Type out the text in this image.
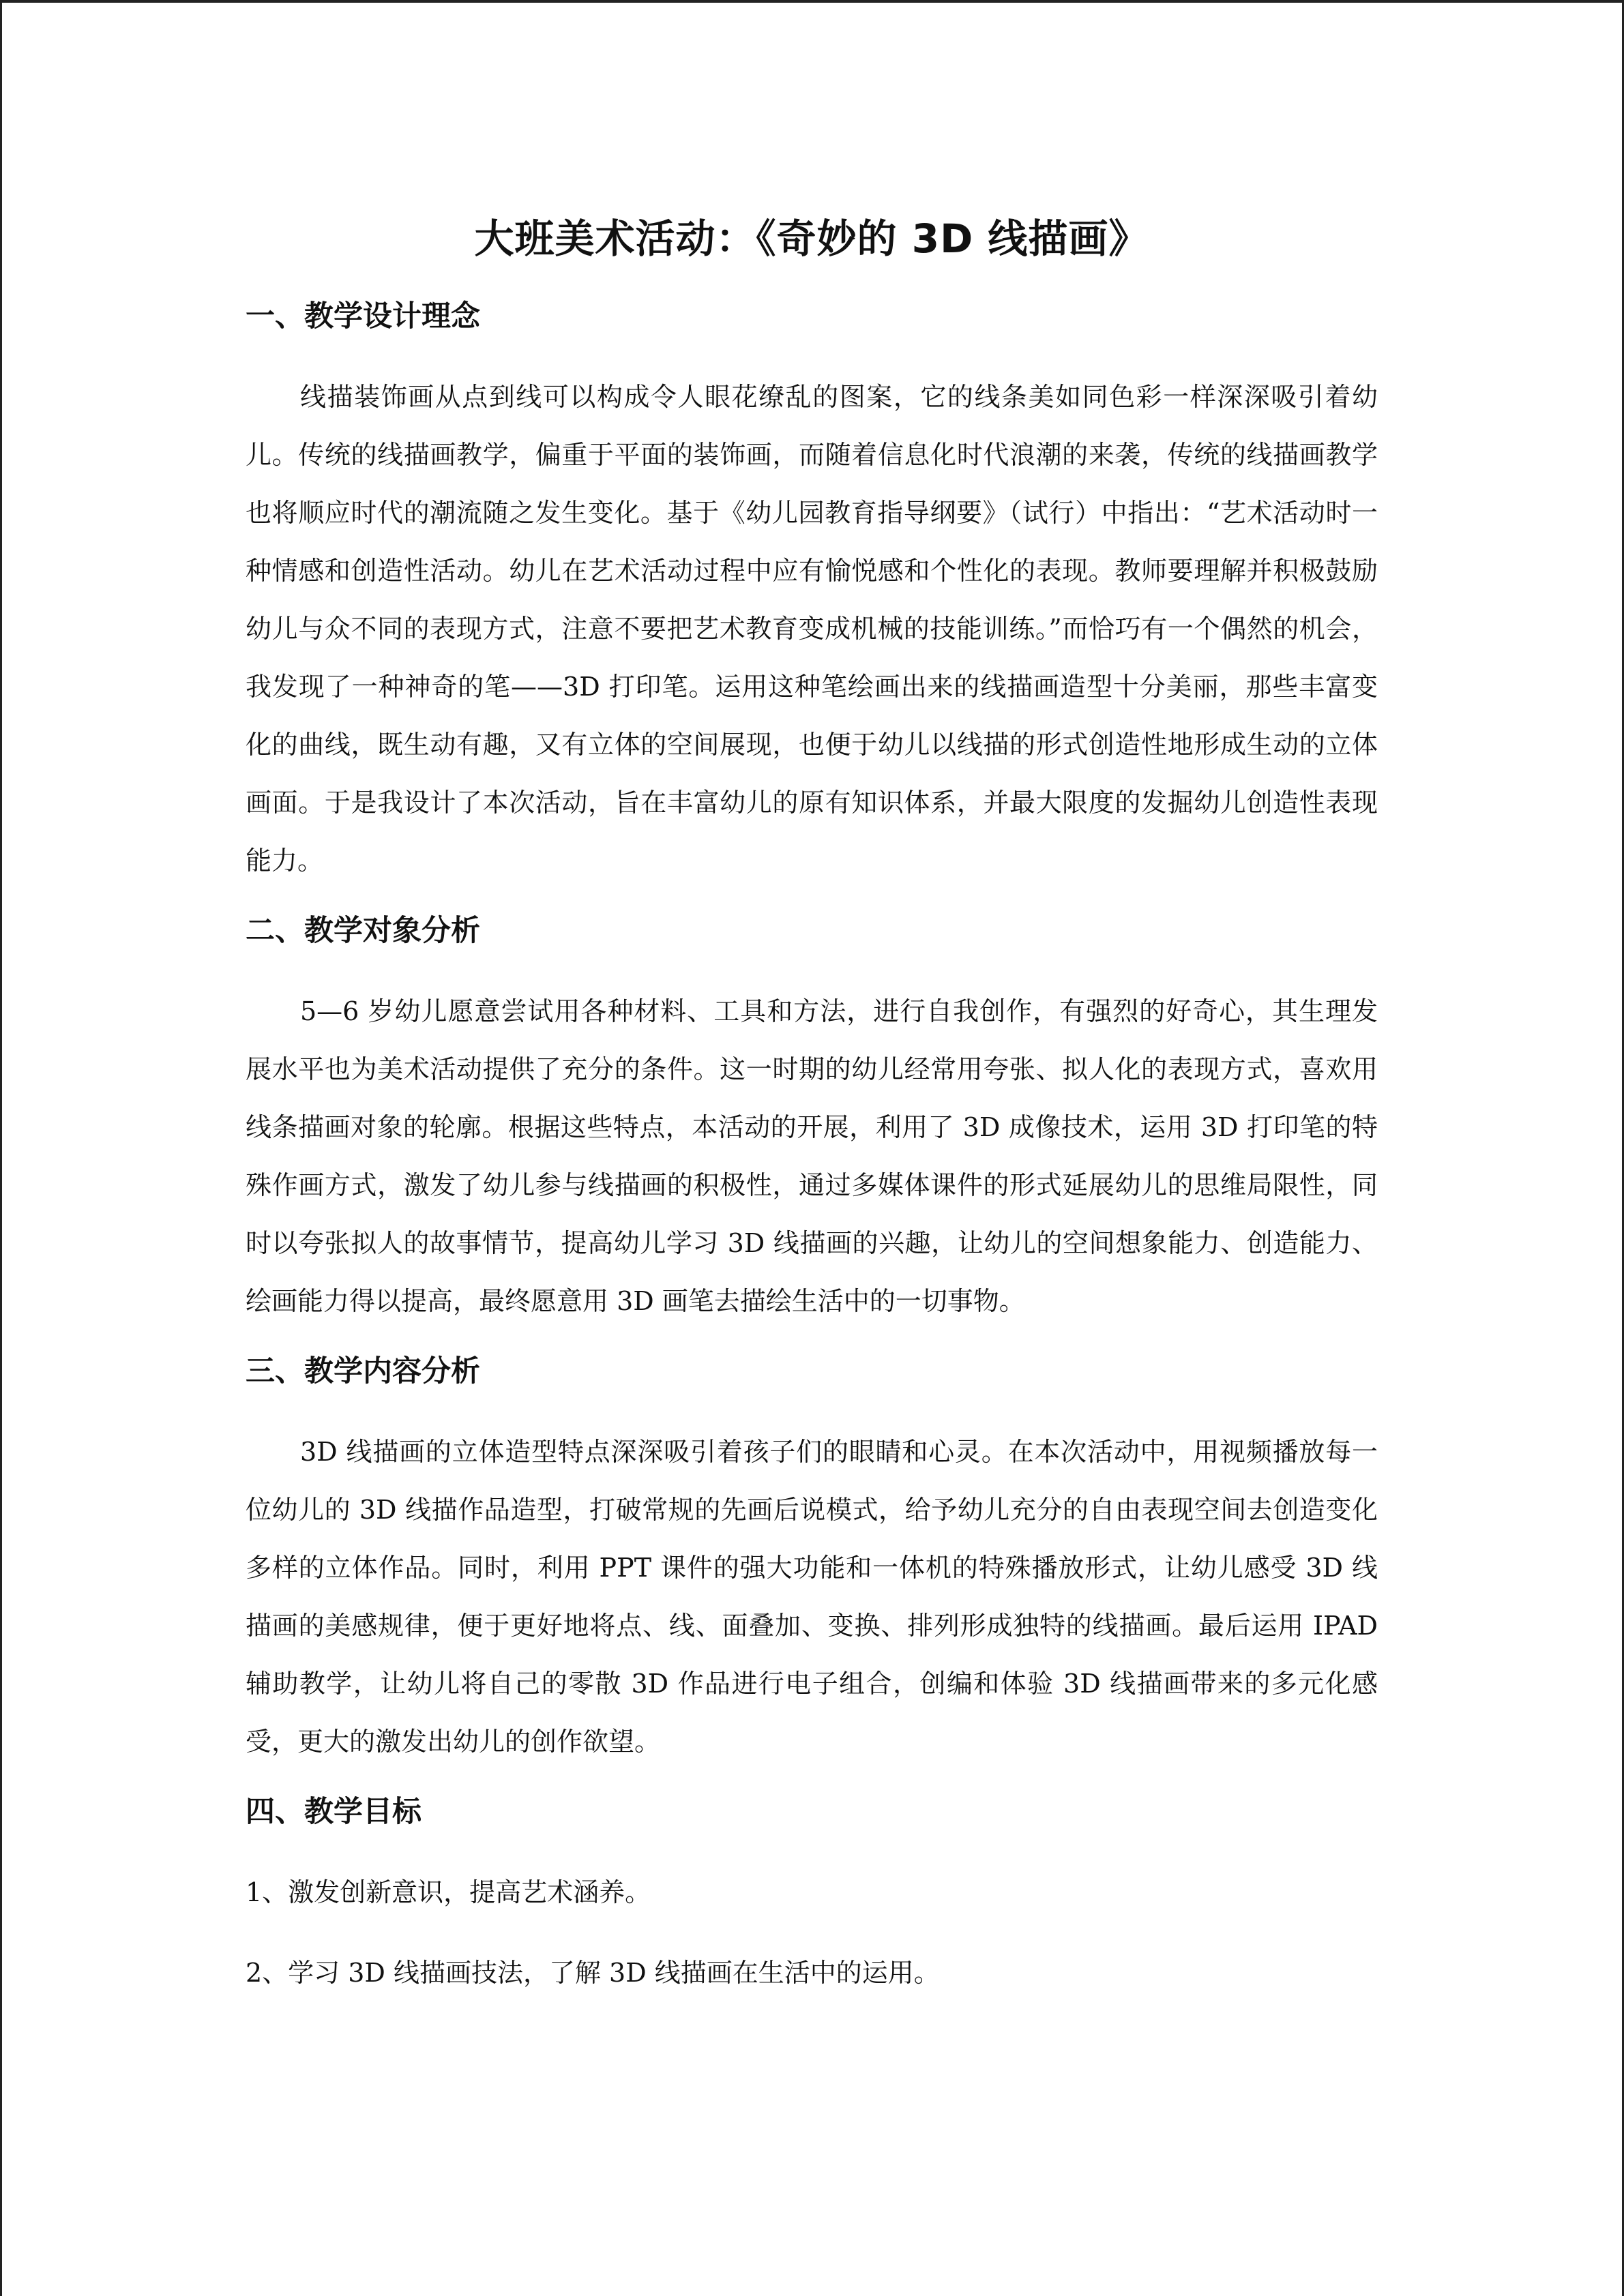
大班美术活动：《奇妙的 3D 线描画》
一、教学设计理念

线描装饰画从点到线可以构成令人眼花缭乱的图案，它的线条美如同色彩一样深深吸引着幼儿。传统的线描画教学，偏重于平面的装饰画，而随着信息化时代浪潮的来袭，传统的线描画教学也将顺应时代的潮流随之发生变化。基于《幼儿园教育指导纲要》（试行）中指出：“艺术活动时一种情感和创造性活动。幼儿在艺术活动过程中应有愉悦感和个性化的表现。教师要理解并积极鼓励幼儿与众不同的表现方式，注意不要把艺术教育变成机械的技能训练。”而恰巧有一个偶然的机会，我发现了一种神奇的笔——3D 打印笔。运用这种笔绘画出来的线描画造型十分美丽，那些丰富变化的曲线，既生动有趣，又有立体的空间展现，也便于幼儿以线描的形式创造性地形成生动的立体画面。于是我设计了本次活动，旨在丰富幼儿的原有知识体系，并最大限度的发掘幼儿创造性表现能力。

二、教学对象分析

5—6 岁幼儿愿意尝试用各种材料、工具和方法，进行自我创作，有强烈的好奇心，其生理发展水平也为美术活动提供了充分的条件。这一时期的幼儿经常用夸张、拟人化的表现方式，喜欢用线条描画对象的轮廓。根据这些特点，本活动的开展，利用了 3D 成像技术，运用 3D 打印笔的特殊作画方式，激发了幼儿参与线描画的积极性，通过多媒体课件的形式延展幼儿的思维局限性，同时以夸张拟人的故事情节，提高幼儿学习 3D 线描画的兴趣，让幼儿的空间想象能力、创造能力、绘画能力得以提高，最终愿意用 3D 画笔去描绘生活中的一切事物。

三、教学内容分析

3D 线描画的立体造型特点深深吸引着孩子们的眼睛和心灵。在本次活动中，用视频播放每一位幼儿的 3D 线描作品造型，打破常规的先画后说模式，给予幼儿充分的自由表现空间去创造变化多样的立体作品。同时，利用 PPT 课件的强大功能和一体机的特殊播放形式，让幼儿感受 3D 线描画的美感规律，便于更好地将点、线、面叠加、变换、排列形成独特的线描画。最后运用 IPAD 辅助教学，让幼儿将自己的零散 3D 作品进行电子组合，创编和体验 3D 线描画带来的多元化感受，更大的激发出幼儿的创作欲望。

四、教学目标
1、激发创新意识，提高艺术涵养。
2、学习 3D 线描画技法，了解 3D 线描画在生活中的运用。
